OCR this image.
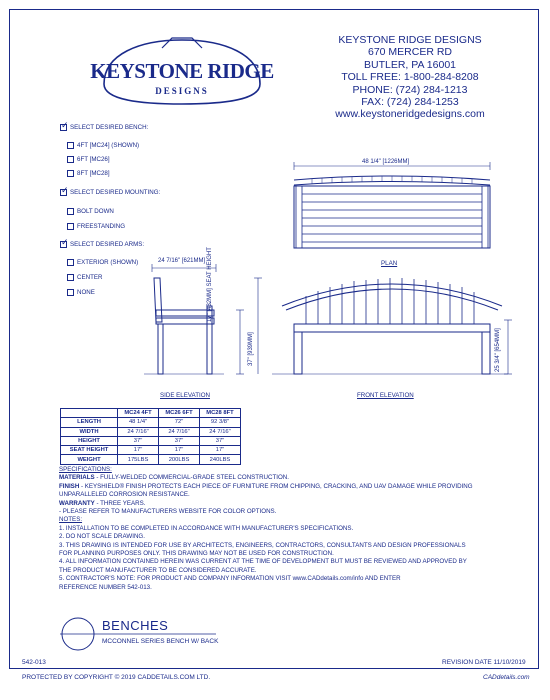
KEYSTONE RIDGE
DESIGNS
KEYSTONE RIDGE DESIGNS
670 MERCER RD
BUTLER, PA 16001
TOLL FREE: 1-800-284-8208
PHONE: (724) 284-1213
FAX: (724) 284-1253
www.keystoneridgedesigns.com
✓
SELECT DESIRED BENCH:
4FT [MC24] (SHOWN)
6FT [MC26]
8FT [MC28]
✓
SELECT DESIRED MOUNTING:
BOLT DOWN
FREESTANDING
✓
SELECT DESIRED ARMS:
EXTERIOR (SHOWN)
CENTER
NONE
48 1/4" [1226MM]
PLAN
24 7/16" [621MM] 17" [432MM] SEAT HEIGHT
37" [939MM]
SIDE ELEVATION
25 3/4" [654MM]
FRONT ELEVATION
	MC24 4FT	MC26 6FT	MC28 8FT
LENGTH	48 1/4"	72"	92 3/8"
WIDTH	24 7/16"	24 7/16"	24 7/16"
HEIGHT	37"	37"	37"
SEAT HEIGHT	17"	17"	17"
WEIGHT	175LBS	200LBS	240LBS
SPECIFICATIONS:
MATERIALS - FULLY-WELDED COMMERCIAL-GRADE STEEL CONSTRUCTION.
FINISH - KEYSHIELD® FINISH PROTECTS EACH PIECE OF FURNITURE FROM CHIPPING, CRACKING, AND UAV DAMAGE WHILE PROVIDING
UNPARALLELED CORROSION RESISTANCE.
WARRANTY - THREE YEARS.
- PLEASE REFER TO MANUFACTURERS WEBSITE FOR COLOR OPTIONS.
NOTES:
1. INSTALLATION TO BE COMPLETED IN ACCORDANCE WITH MANUFACTURER'S SPECIFICATIONS.
2. DO NOT SCALE DRAWING.
3. THIS DRAWING IS INTENDED FOR USE BY ARCHITECTS, ENGINEERS, CONTRACTORS, CONSULTANTS AND DESIGN PROFESSIONALS
FOR PLANNING PURPOSES ONLY. THIS DRAWING MAY NOT BE USED FOR CONSTRUCTION.
4. ALL INFORMATION CONTAINED HEREIN WAS CURRENT AT THE TIME OF DEVELOPMENT BUT MUST BE REVIEWED AND APPROVED BY
THE PRODUCT MANUFACTURER TO BE CONSIDERED ACCURATE.
5. CONTRACTOR'S NOTE: FOR PRODUCT AND COMPANY INFORMATION VISIT www.CADdetails.com/info AND ENTER
REFERENCE NUMBER 542-013.
BENCHES
MCCONNEL SERIES BENCH W/ BACK
542-013	REVISION DATE 11/10/2019
PROTECTED BY COPYRIGHT © 2019 CADDETAILS.COM LTD.	CADdetails.com
